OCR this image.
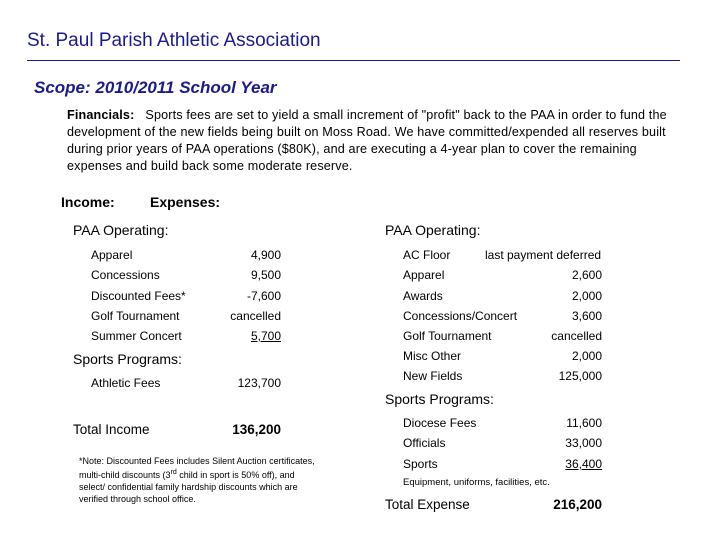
St. Paul Parish Athletic Association
Scope: 2010/2011 School Year
Financials: Sports fees are set to yield a small increment of "profit" back to the PAA in order to fund the development of the new fields being built on Moss Road. We have committed/expended all reserves built during prior years of PAA operations ($80K), and are executing a 4-year plan to cover the remaining expenses and build back some moderate reserve.
Income:	Expenses:
PAA Operating:
Apparel	4,900
Concessions	9,500
Discounted Fees*	-7,600
Golf Tournament	cancelled
Summer Concert	5,700
Sports Programs:
Athletic Fees	123,700
Total Income	136,200
*Note: Discounted Fees includes Silent Auction certificates, multi-child discounts (3rd child in sport is 50% off), and select/ confidential family hardship discounts which are verified through school office.
PAA Operating:
AC Floor	last payment deferred
Apparel	2,600
Awards	2,000
Concessions/Concert	3,600
Golf Tournament	cancelled
Misc Other	2,000
New Fields	125,000
Sports Programs:
Diocese Fees	11,600
Officials	33,000
Sports	36,400
Equipment, uniforms, facilities, etc.
Total Expense	216,200
